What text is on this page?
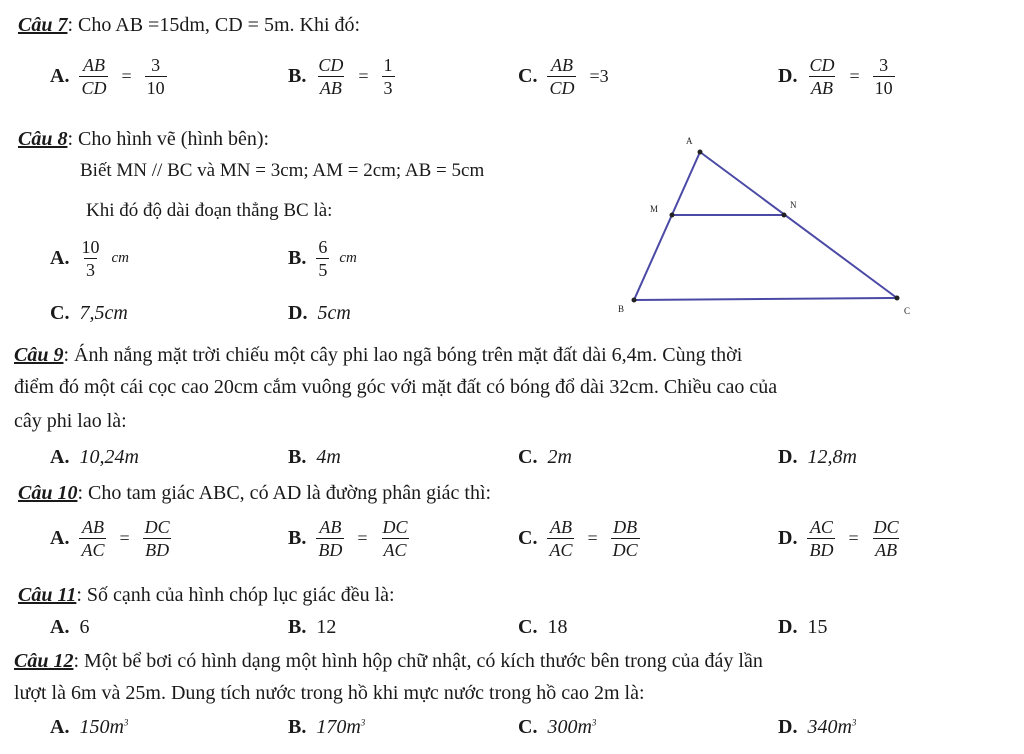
Câu 7: Cho AB =15dm, CD = 5m. Khi đó:
A. $\frac{AB}{CD} = \frac{3}{10}$	B. $\frac{CD}{AB} = \frac{1}{3}$	C. $\frac{AB}{CD} =3$	D. $\frac{CD}{AB} = \frac{3}{10}$
Câu 8: Cho hình vẽ (hình bên):
Biết MN // BC và MN = 3cm; AM = 2cm; AB = 5cm
Khi đó độ dài đoạn thẳng BC là:
A. $\frac{10}{3}$ cm	B. $\frac{6}{5}$ cm
C. 7,5cm	D. 5cm
A
B	C
M	N
Câu 9: Ánh nắng mặt trời chiếu một cây phi lao ngã bóng trên mặt đất dài 6,4m. Cùng thời
điểm đó một cái cọc cao 20cm cắm vuông góc với mặt đất có bóng đổ dài 32cm. Chiều cao của
cây phi lao là:
A. 10,24m	B. 4m	C. 2m	D. 12,8m
Câu 10: Cho tam giác ABC, có AD là đường phân giác thì:
A. $\frac{AB}{AC} = \frac{DC}{BD}$	B. $\frac{AB}{BD} = \frac{DC}{AC}$	C. $\frac{AB}{AC} = \frac{DB}{DC}$	D. $\frac{AC}{BD} = \frac{DC}{AB}$
Câu 11: Số cạnh của hình chóp lục giác đều là:
A. 6	B. 12	C. 18	D. 15
Câu 12: Một bể bơi có hình dạng một hình hộp chữ nhật, có kích thước bên trong của đáy lần
lượt là 6m và 25m. Dung tích nước trong hồ khi mực nước trong hồ cao 2m là:
A. $150m^3$	B. $170m^3$	C. $300m^3$	D. $340m^3$
